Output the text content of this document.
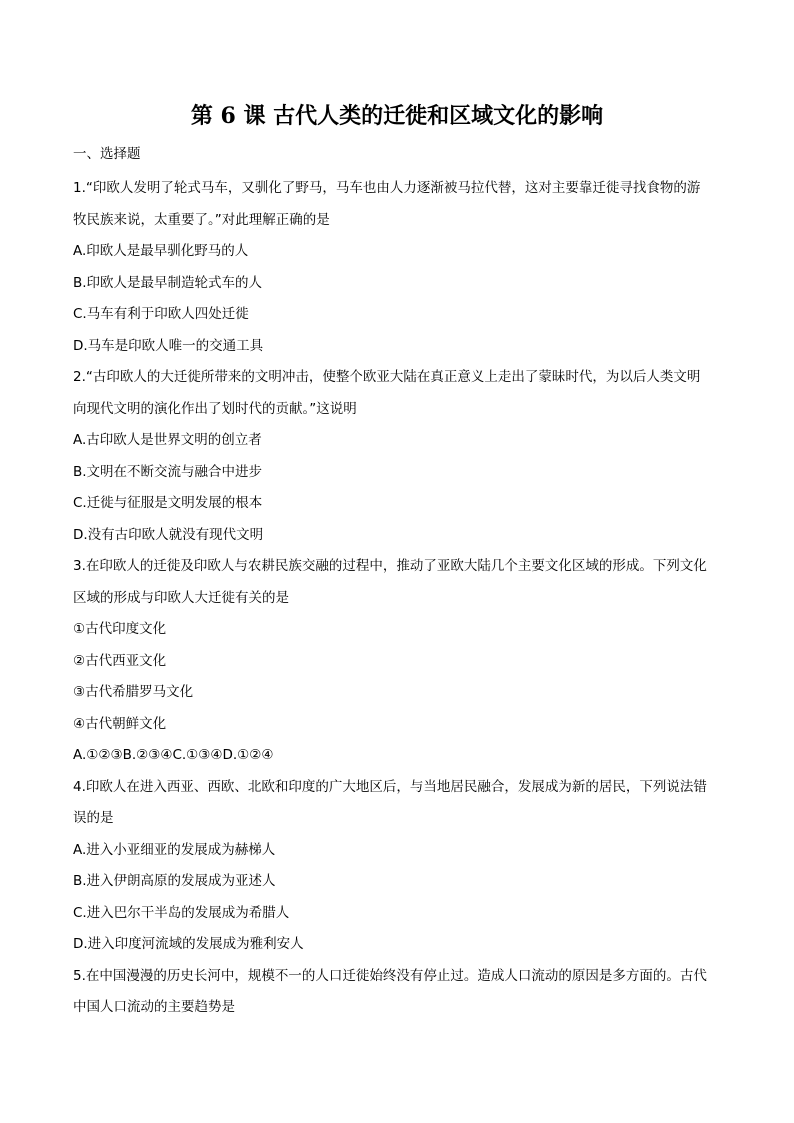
第 6 课 古代人类的迁徙和区域文化的影响
一、选择题
1.“印欧人发明了轮式马车，又驯化了野马，马车也由人力逐渐被马拉代替，这对主要靠迁徙寻找食物的游
牧民族来说，太重要了。”对此理解正确的是
A.印欧人是最早驯化野马的人
B.印欧人是最早制造轮式车的人
C.马车有利于印欧人四处迁徙
D.马车是印欧人唯一的交通工具
2.“古印欧人的大迁徙所带来的文明冲击，使整个欧亚大陆在真正意义上走出了蒙昧时代，为以后人类文明
向现代文明的演化作出了划时代的贡献。”这说明
A.古印欧人是世界文明的创立者
B.文明在不断交流与融合中进步
C.迁徙与征服是文明发展的根本
D.没有古印欧人就没有现代文明
3.在印欧人的迁徙及印欧人与农耕民族交融的过程中，推动了亚欧大陆几个主要文化区域的形成。下列文化
区域的形成与印欧人大迁徙有关的是
①古代印度文化
②古代西亚文化
③古代希腊罗马文化
④古代朝鲜文化
A.①②③B.②③④C.①③④D.①②④
4.印欧人在进入西亚、西欧、北欧和印度的广大地区后，与当地居民融合，发展成为新的居民，下列说法错
误的是
A.进入小亚细亚的发展成为赫梯人
B.进入伊朗高原的发展成为亚述人
C.进入巴尔干半岛的发展成为希腊人
D.进入印度河流域的发展成为雅利安人
5.在中国漫漫的历史长河中，规模不一的人口迁徙始终没有停止过。造成人口流动的原因是多方面的。古代
中国人口流动的主要趋势是
